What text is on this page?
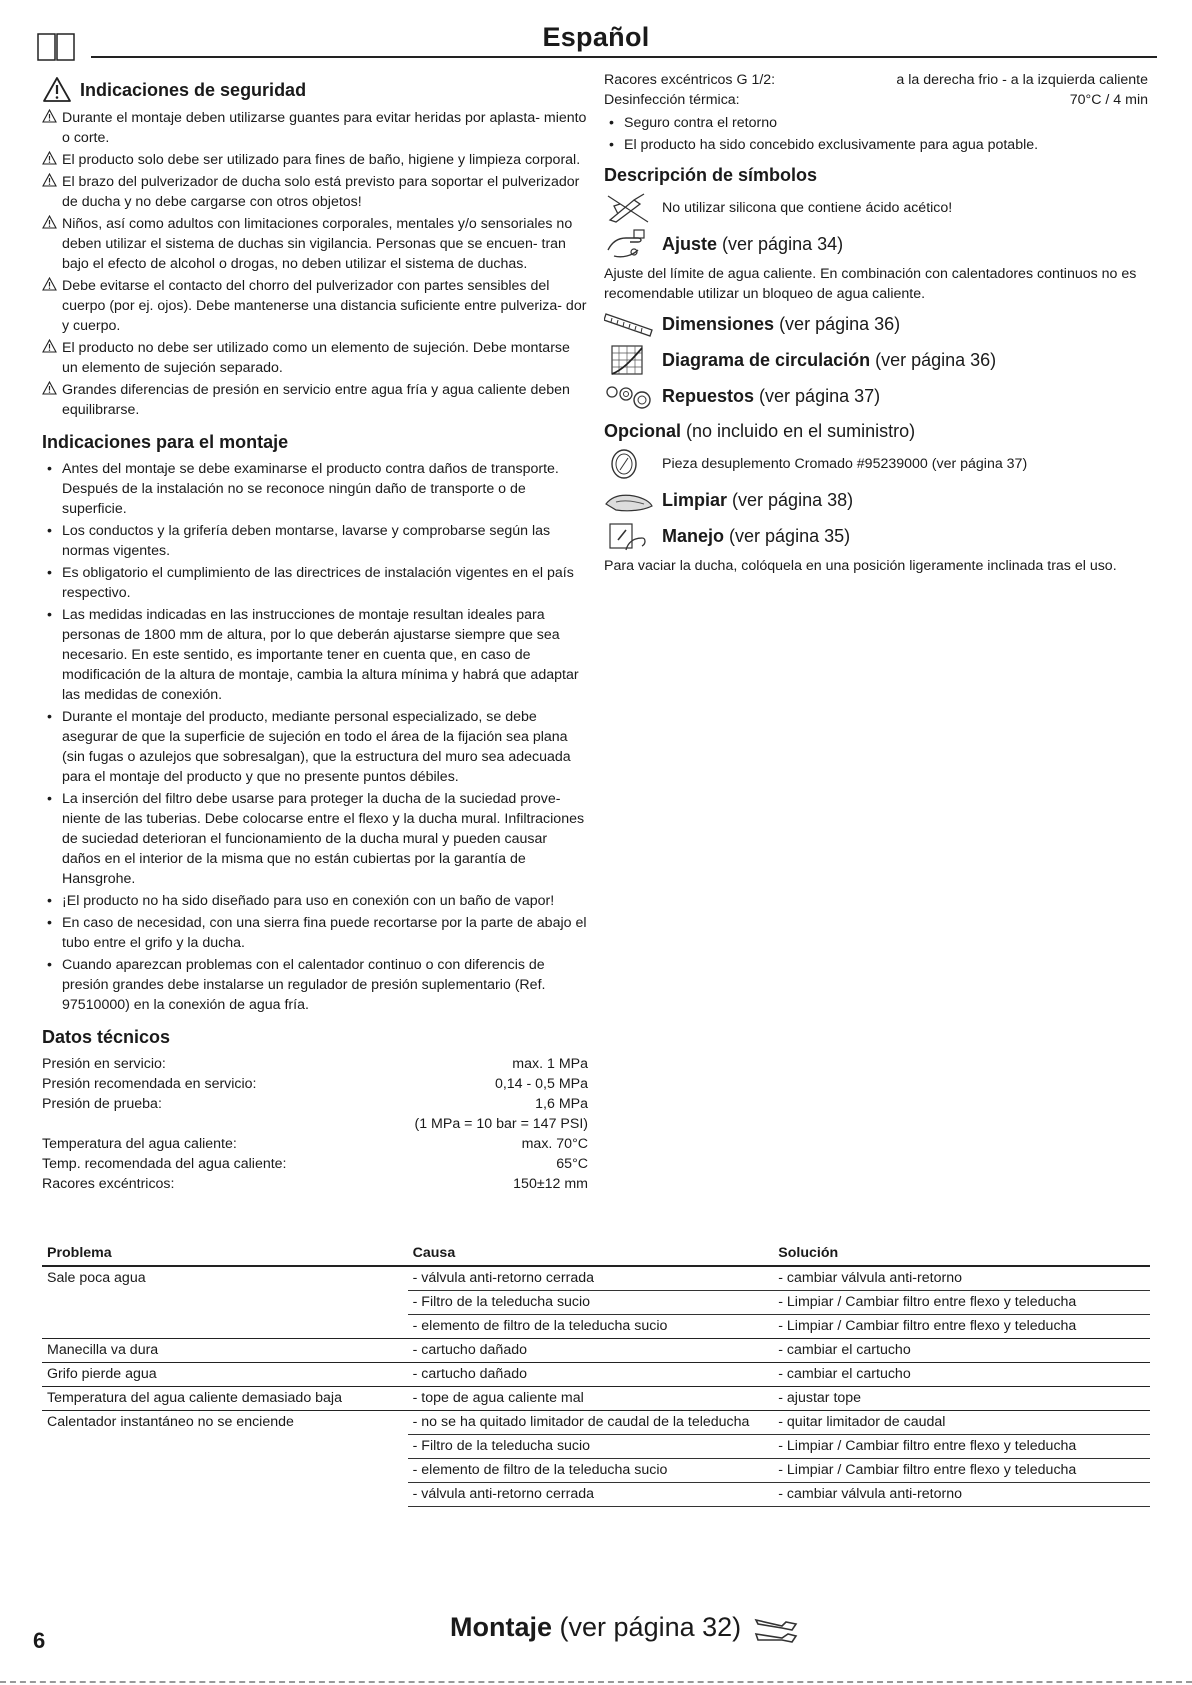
Español
Indicaciones de seguridad
Durante el montaje deben utilizarse guantes para evitar heridas por aplasta- miento o corte.
El producto solo debe ser utilizado para fines de baño, higiene y limpieza corporal.
El brazo del pulverizador de ducha solo está previsto para soportar el pulverizador de ducha y no debe cargarse con otros objetos!
Niños, así como adultos con limitaciones corporales, mentales y/o sensoriales no deben utilizar el sistema de duchas sin vigilancia. Personas que se encuen- tran bajo el efecto de alcohol o drogas, no deben utilizar el sistema de duchas.
Debe evitarse el contacto del chorro del pulverizador con partes sensibles del cuerpo (por ej. ojos). Debe mantenerse una distancia suficiente entre pulveriza- dor y cuerpo.
El producto no debe ser utilizado como un elemento de sujeción. Debe montarse un elemento de sujeción separado.
Grandes diferencias de presión en servicio entre agua fría y agua caliente deben equilibrarse.
Indicaciones para el montaje
• Antes del montaje se debe examinarse el producto contra daños de transporte. Después de la instalación no se reconoce ningún daño de transporte o de superficie.
• Los conductos y la grifería deben montarse, lavarse y comprobarse según las normas vigentes.
• Es obligatorio el cumplimiento de las directrices de instalación vigentes en el país respectivo.
• Las medidas indicadas en las instrucciones de montaje resultan ideales para personas de 1800 mm de altura, por lo que deberán ajustarse siempre que sea necesario. En este sentido, es importante tener en cuenta que, en caso de modificación de la altura de montaje, cambia la altura mínima y habrá que adaptar las medidas de conexión.
• Durante el montaje del producto, mediante personal especializado, se debe asegurar de que la superficie de sujeción en todo el área de la fijación sea plana (sin fugas o azulejos que sobresalgan), que la estructura del muro sea adecuada para el montaje del producto y que no presente puntos débiles.
• La inserción del filtro debe usarse para proteger la ducha de la suciedad prove- niente de las tuberias. Debe colocarse entre el flexo y la ducha mural. Infiltraciones de suciedad deterioran el funcionamiento de la ducha mural y pueden causar daños en el interior de la misma que no están cubiertas por la garantía de Hansgrohe.
• ¡El producto no ha sido diseñado para uso en conexión con un baño de vapor!
• En caso de necesidad, con una sierra fina puede recortarse por la parte de abajo el tubo entre el grifo y la ducha.
• Cuando aparezcan problemas con el calentador continuo o con diferencis de presión grandes debe instalarse un regulador de presión suplementario (Ref. 97510000) en la conexión de agua fría.
Datos técnicos
Presión en servicio:	max. 1 MPa
Presión recomendada en servicio:	0,14 - 0,5 MPa
Presión de prueba:	1,6 MPa
(1 MPa = 10 bar = 147 PSI)
Temperatura del agua caliente:	max. 70°C
Temp. recomendada del agua caliente:	65°C
Racores excéntricos:	150±12 mm
Racores excéntricos G 1/2:	a la derecha frio - a la izquierda caliente
Desinfección térmica:	70°C / 4 min
• Seguro contra el retorno
• El producto ha sido concebido exclusivamente para agua potable.
Descripción de símbolos
No utilizar silicona que contiene ácido acético!
Ajuste (ver página 34)
Ajuste del límite de agua caliente. En combinación con calentadores continuos no es recomendable utilizar un bloqueo de agua caliente.
Dimensiones (ver página 36)
Diagrama de circulación (ver página 36)
Repuestos (ver página 37)
Opcional (no incluido en el suministro)
Pieza desuplemento Cromado #95239000 (ver página 37)
Limpiar (ver página 38)
Manejo (ver página 35)
Para vaciar la ducha, colóquela en una posición ligeramente inclinada tras el uso.
Problema	Causa	Solución
Sale poca agua	- válvula anti-retorno cerrada	- cambiar válvula anti-retorno
	- Filtro de la teleducha sucio	- Limpiar / Cambiar filtro entre flexo y teleducha
	- elemento de filtro de la teleducha sucio	- Limpiar / Cambiar filtro entre flexo y teleducha
Manecilla va dura	- cartucho dañado	- cambiar el cartucho
Grifo pierde agua	- cartucho dañado	- cambiar el cartucho
Temperatura del agua caliente demasiado baja	- tope de agua caliente mal	- ajustar tope
Calentador instantáneo no se enciende	- no se ha quitado limitador de caudal de la teleducha	- quitar limitador de caudal
	- Filtro de la teleducha sucio	- Limpiar / Cambiar filtro entre flexo y teleducha
	- elemento de filtro de la teleducha sucio	- Limpiar / Cambiar filtro entre flexo y teleducha
	- válvula anti-retorno cerrada	- cambiar válvula anti-retorno
6	Montaje (ver página 32)
